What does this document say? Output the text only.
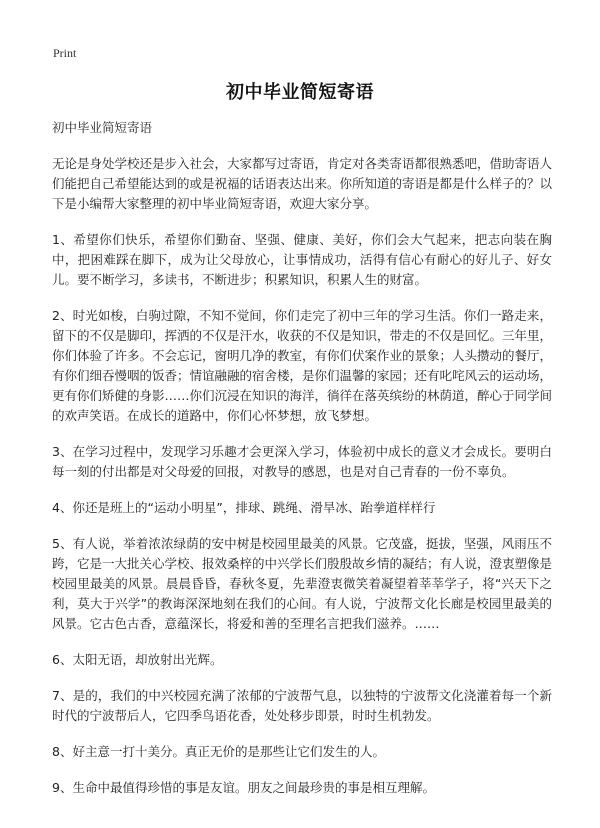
Print
初中毕业简短寄语

初中毕业简短寄语

无论是身处学校还是步入社会，大家都写过寄语，肯定对各类寄语都很熟悉吧，借助寄语人们能把自己希望能达到的或是祝福的话语表达出来。你所知道的寄语是都是什么样子的？以下是小编帮大家整理的初中毕业简短寄语，欢迎大家分享。

1、希望你们快乐，希望你们勤奋、坚强、健康、美好，你们会大气起来，把志向装在胸中，把困难踩在脚下，成为让父母放心，让事情成功，活得有信心有耐心的好儿子、好女儿。要不断学习，多读书，不断进步；积累知识，积累人生的财富。

2、时光如梭，白驹过隙，不知不觉间，你们走完了初中三年的学习生活。你们一路走来，留下的不仅是脚印，挥洒的不仅是汗水，收获的不仅是知识，带走的不仅是回忆。三年里，你们体验了许多。不会忘记，窗明几净的教室，有你们伏案作业的景象；人头攒动的餐厅，有你们细吞慢咽的饭香；情谊融融的宿舍楼，是你们温馨的家园；还有叱咤风云的运动场，更有你们矫健的身影……你们沉浸在知识的海洋，徜徉在落英缤纷的林荫道，醉心于同学间的欢声笑语。在成长的道路中，你们心怀梦想，放飞梦想。

3、在学习过程中，发现学习乐趣才会更深入学习，体验初中成长的意义才会成长。要明白每一刻的付出都是对父母爱的回报，对教导的感恩，也是对自己青春的一份不辜负。

4、你还是班上的“运动小明星”，排球、跳绳、滑旱冰、跆拳道样样行

5、有人说，举着浓浓绿荫的安中树是校园里最美的风景。它茂盛，挺拔，坚强，风雨压不跨，它是一大批关心学校、报效桑梓的中兴学长们殷殷故乡情的凝结；有人说，澄衷塑像是校园里最美的风景。晨晨昏昏，春秋冬夏，先辈澄衷微笑着凝望着莘莘学子，将“兴天下之利，莫大于兴学”的教诲深深地刻在我们的心间。有人说，宁波帮文化长廊是校园里最美的风景。它古色古香，意蕴深长，将爱和善的至理名言把我们滋养。……

6、太阳无语，却放射出光辉。

7、是的，我们的中兴校园充满了浓郁的宁波帮气息，以独特的宁波帮文化浇灌着每一个新时代的宁波帮后人，它四季鸟语花香，处处移步即景，时时生机勃发。

8、好主意一打十美分。真正无价的是那些让它们发生的人。

9、生命中最值得珍惜的事是友谊。朋友之间最珍贵的事是相互理解。
